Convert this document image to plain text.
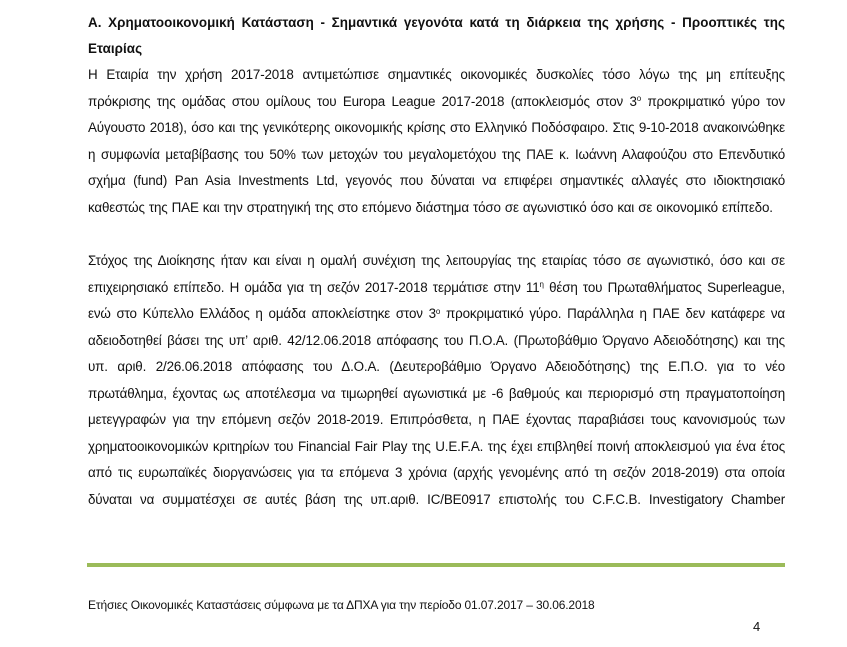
Α. Χρηματοοικονομική Κατάσταση - Σημαντικά γεγονότα κατά τη διάρκεια της χρήσης - Προοπτικές της Εταιρίας

Η Εταιρία την χρήση 2017-2018 αντιμετώπισε σημαντικές οικονομικές δυσκολίες τόσο λόγω της μη επίτευξης πρόκρισης της ομάδας στου ομίλους του Europa League 2017-2018 (αποκλεισμός στον $3^o$ προκριματικό γύρο τον Αύγουστο 2018), όσο και της γενικότερης οικονομικής κρίσης στο Ελληνικό Ποδόσφαιρο. Στις 9-10-2018 ανακοινώθηκε η συμφωνία μεταβίβασης του 50% των μετοχών του μεγαλομετόχου της ΠΑΕ κ. Ιωάννη Αλαφούζου στο Επενδυτικό σχήμα (fund) Pan Asia Investments Ltd, γεγονός που δύναται να επιφέρει σημαντικές αλλαγές στο ιδιοκτησιακό καθεστώς της ΠΑΕ και την στρατηγική της στο επόμενο διάστημα τόσο σε αγωνιστικό όσο και σε οικονομικό επίπεδο.

Στόχος της Διοίκησης ήταν και είναι η ομαλή συνέχιση της λειτουργίας της εταιρίας τόσο σε αγωνιστικό, όσο και σε επιχειρησιακό επίπεδο. Η ομάδα για τη σεζόν 2017-2018 τερμάτισε στην $11^\eta$ θέση του Πρωταθλήματος Superleague, ενώ στο Κύπελλο Ελλάδος η ομάδα αποκλείστηκε στον $3^o$ προκριματικό γύρο. Παράλληλα η ΠΑΕ δεν κατάφερε να αδειοδοτηθεί βάσει της υπ’ αριθ. 42/12.06.2018 απόφασης του Π.Ο.Α. (Πρωτοβάθμιο Όργανο Αδειοδότησης) και της υπ. αριθ. 2/26.06.2018 απόφασης του Δ.Ο.Α. (Δευτεροβάθμιο Όργανο Αδειοδότησης) της Ε.Π.Ο. για το νέο πρωτάθλημα, έχοντας ως αποτέλεσμα να τιμωρηθεί αγωνιστικά με -6 βαθμούς και περιορισμό στη πραγματοποίηση μετεγγραφών για την επόμενη σεζόν 2018-2019. Επιπρόσθετα, η ΠΑΕ έχοντας παραβιάσει τους κανονισμούς των χρηματοοικονομικών κριτηρίων του Financial Fair Play της U.E.F.A. της έχει επιβληθεί ποινή αποκλεισμού για ένα έτος από τις ευρωπαϊκές διοργανώσεις για τα επόμενα 3 χρόνια (αρχής γενομένης από τη σεζόν 2018-2019) στα οποία δύναται να συμματέσχει σε αυτές βάση της υπ.αριθ. IC/BE0917 επιστολής του C.F.C.B. Investigatory Chamber

Ετήσιες Οικονομικές Καταστάσεις σύμφωνα με τα ΔΠΧΑ για την περίοδο 01.07.2017 – 30.06.2018
4
